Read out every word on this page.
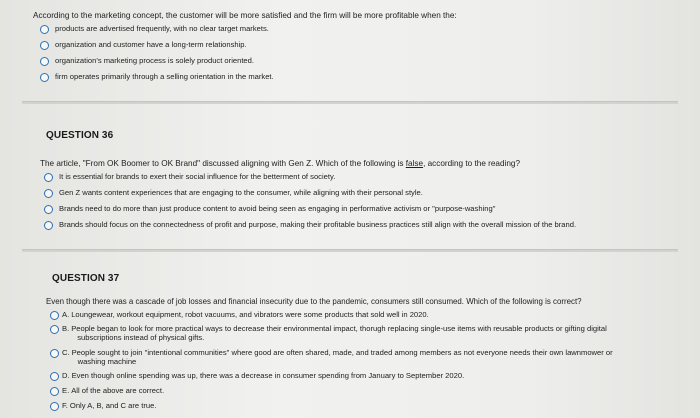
According to the marketing concept, the customer will be more satisfied and the firm will be more profitable when the:
products are advertised frequently, with no clear target markets.
organization and customer have a long-term relationship.
organization's marketing process is solely product oriented.
firm operates primarily through a selling orientation in the market.
QUESTION 36
The article, "From OK Boomer to OK Brand" discussed aligning with Gen Z. Which of the following is false, according to the reading?
It is essential for brands to exert their social influence for the betterment of society.
Gen Z wants content experiences that are engaging to the consumer, while aligning with their personal style.
Brands need to do more than just produce content to avoid being seen as engaging in performative activism or "purpose-washing"
Brands should focus on the connectedness of profit and purpose, making their profitable business practices still align with the overall mission of the brand.
QUESTION 37
Even though there was a cascade of job losses and financial insecurity due to the pandemic, consumers still consumed. Which of the following is correct?
A. Loungewear, workout equipment, robot vacuums, and vibrators were some products that sold well in 2020.
B. People began to look for more practical ways to decrease their environmental impact, thorugh replacing single-use items with reusable products or gifting digital
subscriptions instead of physical gifts.
C. People sought to join "intentional communities" where good are often shared, made, and traded among members as not everyone needs their own lawnmower or
washing machine
D. Even though online spending was up, there was a decrease in consumer spending from January to September 2020.
E. All of the above are correct.
F. Only A, B, and C are true.
